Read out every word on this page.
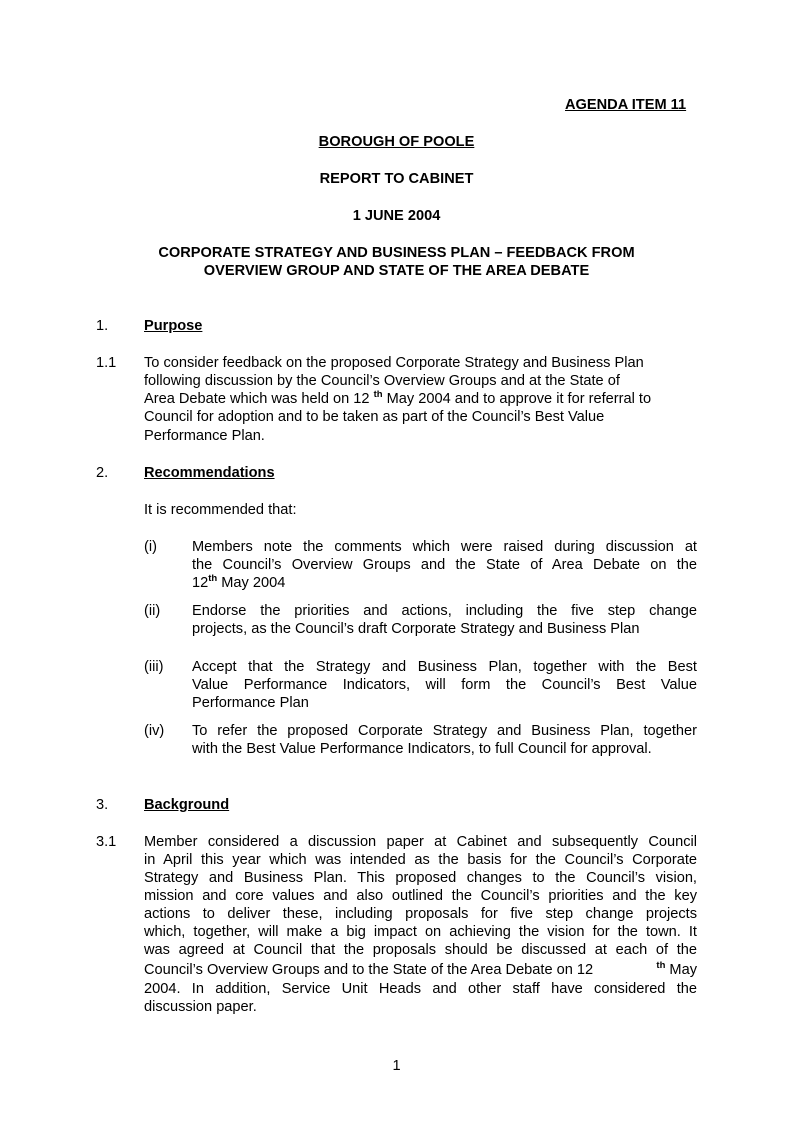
AGENDA ITEM 11
BOROUGH OF POOLE
REPORT TO CABINET
1 JUNE 2004
CORPORATE STRATEGY AND BUSINESS PLAN – FEEDBACK FROM
OVERVIEW GROUP AND STATE OF THE AREA DEBATE
1. Purpose
1.1 To consider feedback on the proposed Corporate Strategy and Business Plan
following discussion by the Council’s Overview Groups and at the State of
Area Debate which was held on 12 $^{th}$ May 2004 and to approve it for referral to
Council for adoption and to be taken as part of the Council’s Best Value
Performance Plan.
2. Recommendations
It is recommended that:
(i) Members note the comments which were raised during discussion at
the Council’s Overview Groups and the State of Area Debate on the
12th May 2004
(ii) Endorse the priorities and actions, including the five step change
projects, as the Council’s draft Corporate Strategy and Business Plan
(iii) Accept that the Strategy and Business Plan, together with the Best
Value Performance Indicators, will form the Council’s Best Value
Performance Plan
(iv) To refer the proposed Corporate Strategy and Business Plan, together
with the Best Value Performance Indicators, to full Council for approval.
3. Background
3.1 Member considered a discussion paper at Cabinet and subsequently Council
in April this year which was intended as the basis for the Council’s Corporate
Strategy and Business Plan. This proposed changes to the Council’s vision,
mission and core values and also outlined the Council’s priorities and the key
actions to deliver these, including proposals for five step change projects
which, together, will make a big impact on achieving the vision for the town. It
was agreed at Council that the proposals should be discussed at each of the
Council’s Overview Groups and to the State of the Area Debate on 12	$^{th}$ May
2004. In addition, Service Unit Heads and other staff have considered the
discussion paper.
1
